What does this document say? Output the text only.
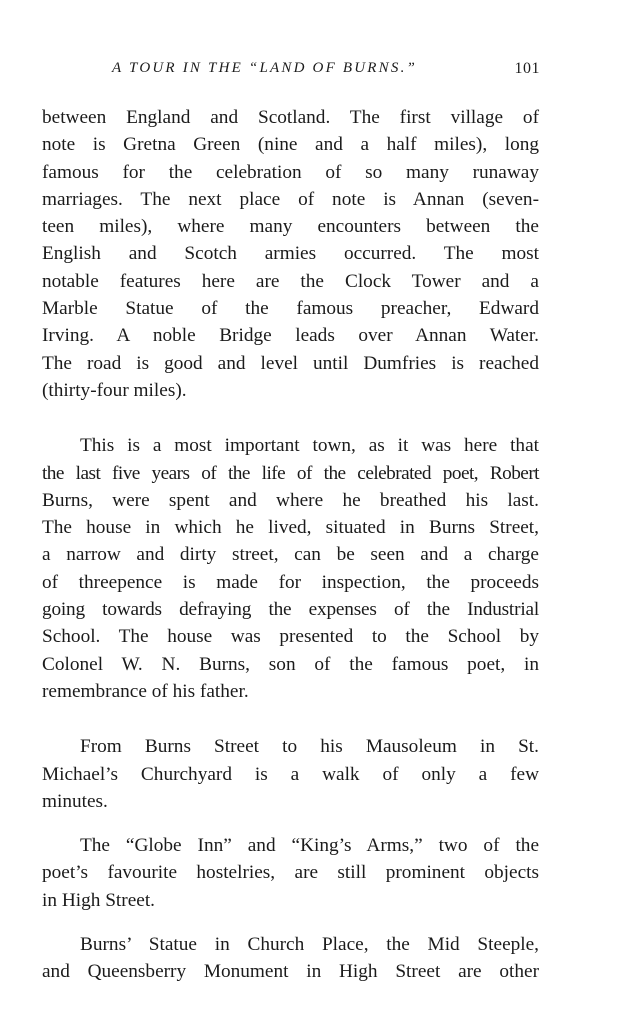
A TOUR IN THE “LAND OF BURNS.”	101
between England and Scotland. The first village of
note is Gretna Green (nine and a half miles), long
famous for the celebration of so many runaway
marriages. The next place of note is Annan (seven-
teen miles), where many encounters between the
English and Scotch armies occurred. The most
notable features here are the Clock Tower and a
Marble Statue of the famous preacher, Edward
Irving. A noble Bridge leads over Annan Water.
The road is good and level until Dumfries is reached
(thirty-four miles).
This is a most important town, as it was here that
the last five years of the life of the celebrated poet, Robert
Burns, were spent and where he breathed his last.
The house in which he lived, situated in Burns Street,
a narrow and dirty street, can be seen and a charge
of threepence is made for inspection, the proceeds
going towards defraying the expenses of the Industrial
School. The house was presented to the School by
Colonel W. N. Burns, son of the famous poet, in
remembrance of his father.
From Burns Street to his Mausoleum in St.
Michael’s Churchyard is a walk of only a few
minutes.
The “Globe Inn” and “King’s Arms,” two of the
poet’s favourite hostelries, are still prominent objects
in High Street.
Burns’ Statue in Church Place, the Mid Steeple,
and Queensberry Monument in High Street are other
